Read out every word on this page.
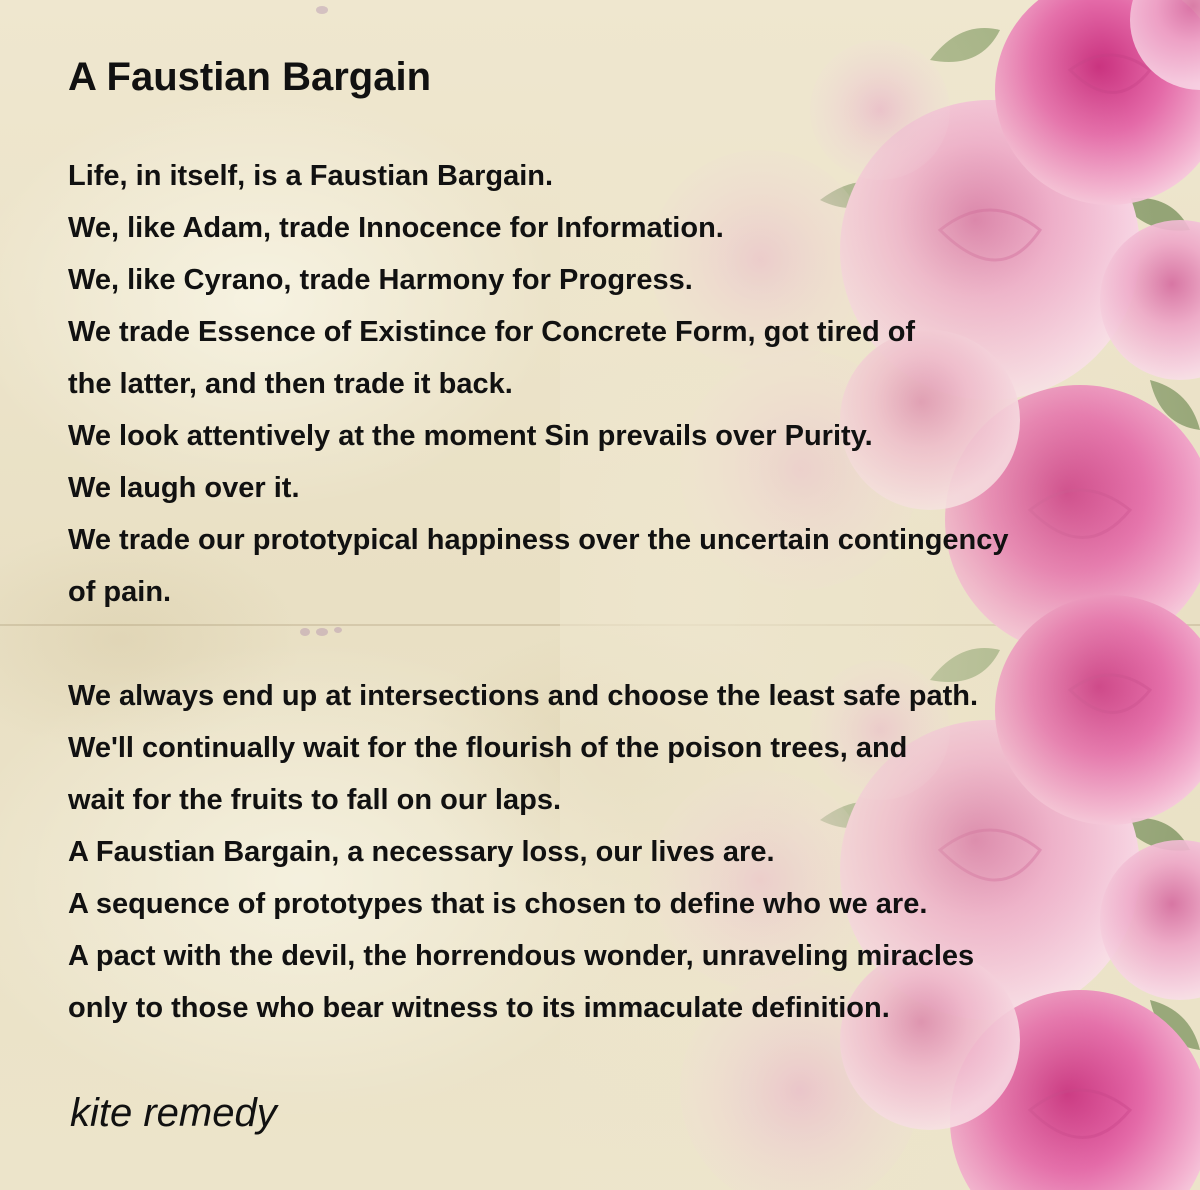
A Faustian Bargain

Life, in itself, is a Faustian Bargain.
We, like Adam, trade Innocence for Information.
We, like Cyrano, trade Harmony for Progress.
We trade Essence of Existince for Concrete Form, got tired of
the latter, and then trade it back.
We look attentively at the moment Sin prevails over Purity.
We laugh over it.
We trade our prototypical happiness over the uncertain contingency
of pain.

We always end up at intersections and choose the least safe path.
We'll continually wait for the flourish of the poison trees, and
wait for the fruits to fall on our laps.
A Faustian Bargain, a necessary loss, our lives are.
A sequence of prototypes that is chosen to define who we are.
A pact with the devil, the horrendous wonder, unraveling miracles
only to those who bear witness to its immaculate definition.

kite remedy
